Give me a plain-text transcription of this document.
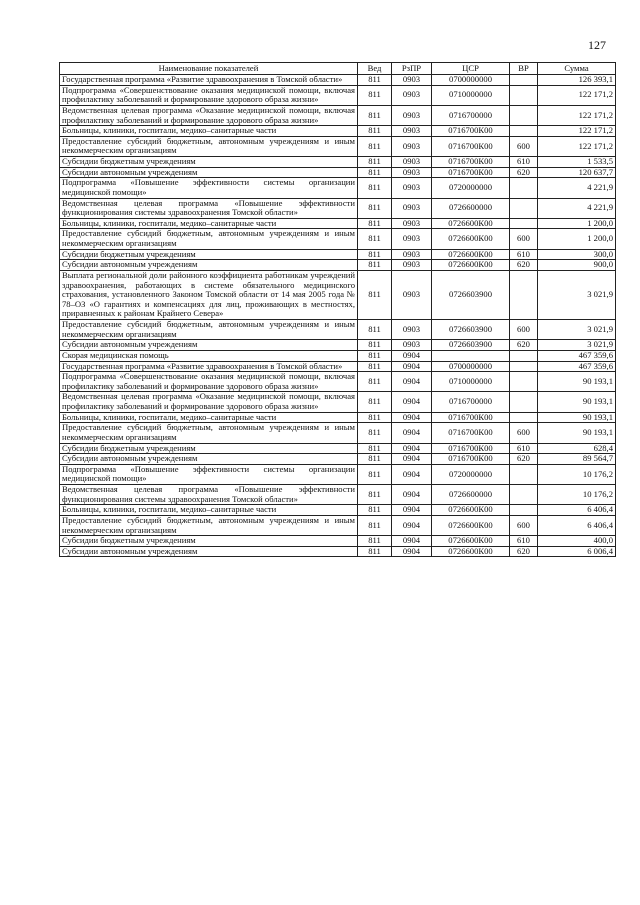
127
Наименование показателей	Вед	РзПР	ЦСР	ВР	Сумма
Государственная программа «Развитие здравоохранения в Томской области»	811	0903	0700000000		126 393,1
Подпрограмма «Совершенствование оказания медицинской помощи, включая профилактику заболеваний и формирование здорового образа жизни»	811	0903	0710000000		122 171,2
Ведомственная целевая программа «Оказание медицинской помощи, включая профилактику заболеваний и формирование здорового образа жизни»	811	0903	0716700000		122 171,2
Больницы, клиники, госпитали, медико–санитарные части	811	0903	0716700К00		122 171,2
Предоставление субсидий бюджетным, автономным учреждениям и иным некоммерческим организациям	811	0903	0716700К00	600	122 171,2
Субсидии бюджетным учреждениям	811	0903	0716700К00	610	1 533,5
Субсидии автономным учреждениям	811	0903	0716700К00	620	120 637,7
Подпрограмма «Повышение эффективности системы организации медицинской помощи»	811	0903	0720000000		4 221,9
Ведомственная целевая программа «Повышение эффективности функционирования системы здравоохранения Томской области»	811	0903	0726600000		4 221,9
Больницы, клиники, госпитали, медико–санитарные части	811	0903	0726600К00		1 200,0
Предоставление субсидий бюджетным, автономным учреждениям и иным некоммерческим организациям	811	0903	0726600К00	600	1 200,0
Субсидии бюджетным учреждениям	811	0903	0726600К00	610	300,0
Субсидии автономным учреждениям	811	0903	0726600К00	620	900,0
Выплата региональной доли районного коэффициента работникам учреждений здравоохранения, работающих в системе обязательного медицинского страхования, установленного Законом Томской области от 14 мая 2005 года № 78–ОЗ «О гарантиях и компенсациях для лиц, проживающих в местностях, приравненных к районам Крайнего Севера»	811	0903	0726603900		3 021,9
Предоставление субсидий бюджетным, автономным учреждениям и иным некоммерческим организациям	811	0903	0726603900	600	3 021,9
Субсидии автономным учреждениям	811	0903	0726603900	620	3 021,9
Скорая медицинская помощь	811	0904			467 359,6
Государственная программа «Развитие здравоохранения в Томской области»	811	0904	0700000000		467 359,6
Подпрограмма «Совершенствование оказания медицинской помощи, включая профилактику заболеваний и формирование здорового образа жизни»	811	0904	0710000000		90 193,1
Ведомственная целевая программа «Оказание медицинской помощи, включая профилактику заболеваний и формирование здорового образа жизни»	811	0904	0716700000		90 193,1
Больницы, клиники, госпитали, медико–санитарные части	811	0904	0716700К00		90 193,1
Предоставление субсидий бюджетным, автономным учреждениям и иным некоммерческим организациям	811	0904	0716700К00	600	90 193,1
Субсидии бюджетным учреждениям	811	0904	0716700К00	610	628,4
Субсидии автономным учреждениям	811	0904	0716700К00	620	89 564,7
Подпрограмма «Повышение эффективности системы организации медицинской помощи»	811	0904	0720000000		10 176,2
Ведомственная целевая программа «Повышение эффективности функционирования системы здравоохранения Томской области»	811	0904	0726600000		10 176,2
Больницы, клиники, госпитали, медико–санитарные части	811	0904	0726600К00		6 406,4
Предоставление субсидий бюджетным, автономным учреждениям и иным некоммерческим организациям	811	0904	0726600К00	600	6 406,4
Субсидии бюджетным учреждениям	811	0904	0726600К00	610	400,0
Субсидии автономным учреждениям	811	0904	0726600К00	620	6 006,4
